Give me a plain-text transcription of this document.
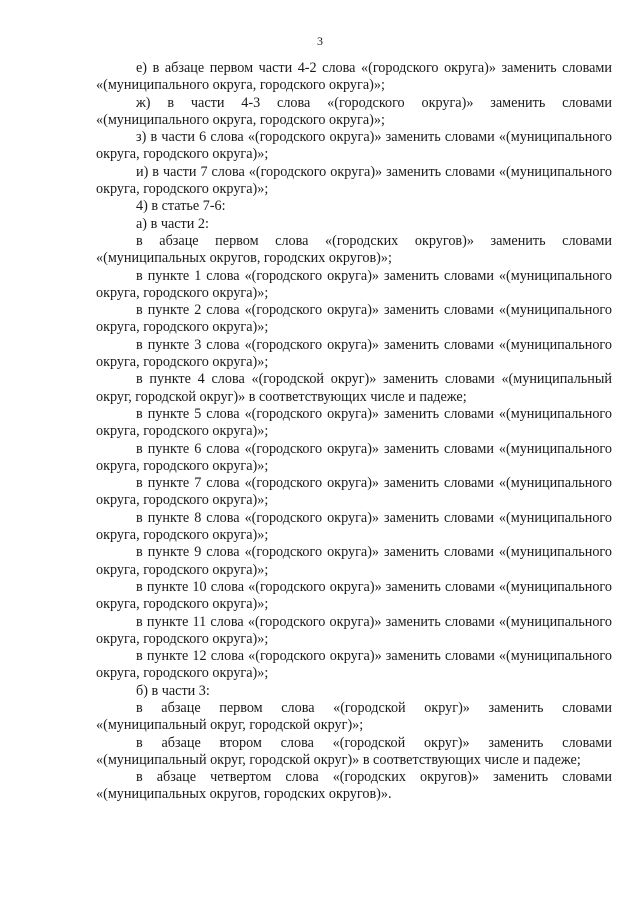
3

е) в абзаце первом части 4-2 слова «(городского округа)» заменить словами «(муниципального округа, городского округа)»;

ж) в части 4-3 слова «(городского округа)» заменить словами «(муниципального округа, городского округа)»;

з) в части 6 слова «(городского округа)» заменить словами «(муниципального округа, городского округа)»;

и) в части 7 слова «(городского округа)» заменить словами «(муниципального округа, городского округа)»;

4) в статье 7-6:

а) в части 2:

в абзаце первом слова «(городских округов)» заменить словами «(муниципальных округов, городских округов)»;

в пункте 1 слова «(городского округа)» заменить словами «(муниципального округа, городского округа)»;

в пункте 2 слова «(городского округа)» заменить словами «(муниципального округа, городского округа)»;

в пункте 3 слова «(городского округа)» заменить словами «(муниципального округа, городского округа)»;

в пункте 4 слова «(городской округ)» заменить словами «(муниципальный округ, городской округ)» в соответствующих числе и падеже;

в пункте 5 слова «(городского округа)» заменить словами «(муниципального округа, городского округа)»;

в пункте 6 слова «(городского округа)» заменить словами «(муниципального округа, городского округа)»;

в пункте 7 слова «(городского округа)» заменить словами «(муниципального округа, городского округа)»;

в пункте 8 слова «(городского округа)» заменить словами «(муниципального округа, городского округа)»;

в пункте 9 слова «(городского округа)» заменить словами «(муниципального округа, городского округа)»;

в пункте 10 слова «(городского округа)» заменить словами «(муниципального округа, городского округа)»;

в пункте 11 слова «(городского округа)» заменить словами «(муниципального округа, городского округа)»;

в пункте 12 слова «(городского округа)» заменить словами «(муниципального округа, городского округа)»;

б) в части 3:

в абзаце первом слова «(городской округ)» заменить словами «(муниципальный округ, городской округ)»;

в абзаце втором слова «(городской округ)» заменить словами «(муниципальный округ, городской округ)» в соответствующих числе и падеже;

в абзаце четвертом слова «(городских округов)» заменить словами «(муниципальных округов, городских округов)».
